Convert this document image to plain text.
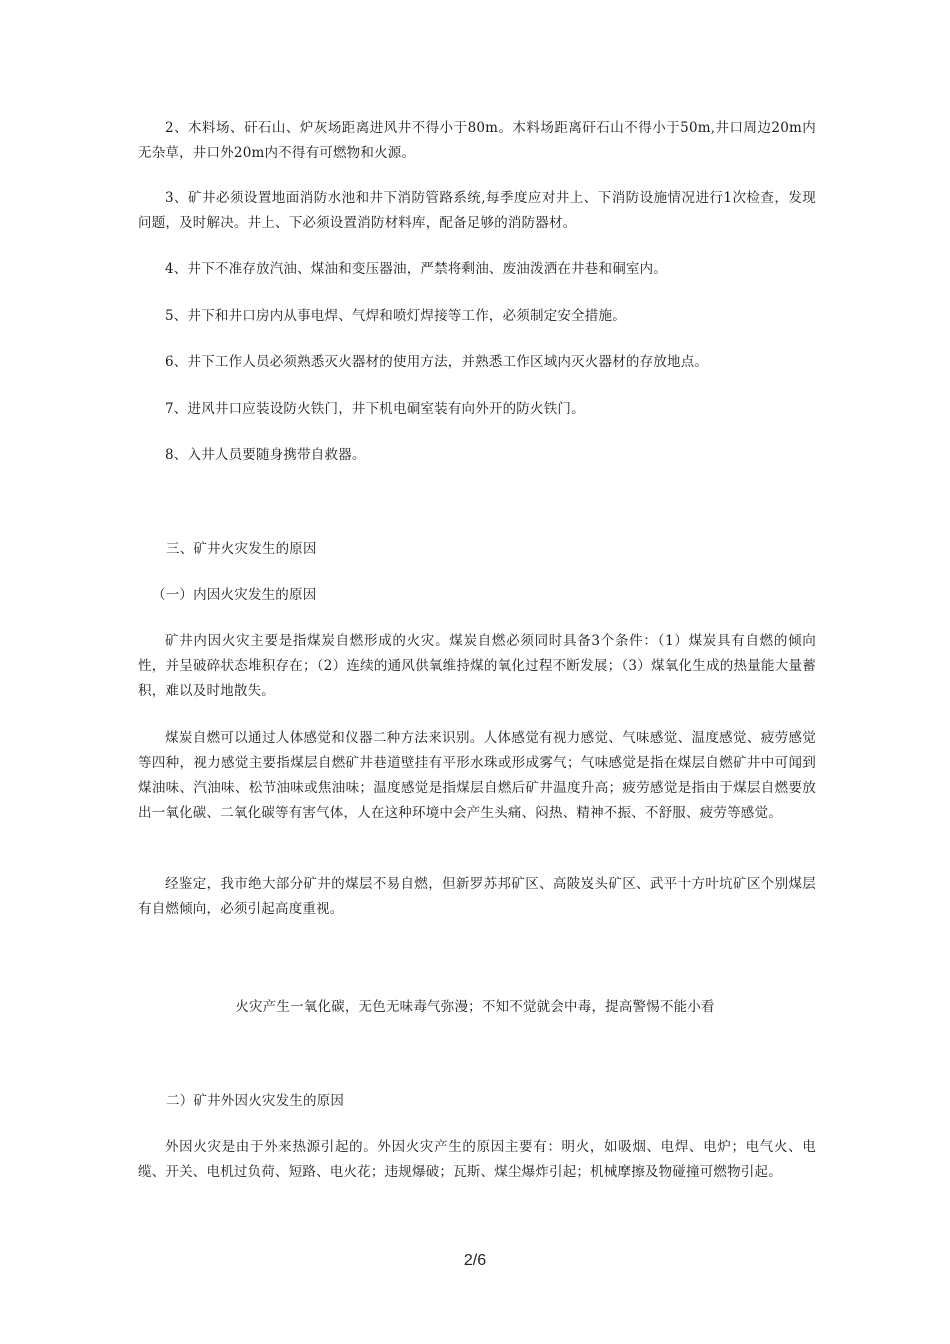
2、木料场、矸石山、炉灰场距离进风井不得小于80m。木料场距离矸石山不得小于50m,井口周边20m内无杂草，井口外20m内不得有可燃物和火源。

3、矿井必须设置地面消防水池和井下消防管路系统,每季度应对井上、下消防设施情况进行1次检查，发现问题，及时解决。井上、下必须设置消防材料库，配备足够的消防器材。

4、井下不准存放汽油、煤油和变压器油，严禁将剩油、废油泼洒在井巷和硐室内。

5、井下和井口房内从事电焊、气焊和喷灯焊接等工作，必须制定安全措施。

6、井下工作人员必须熟悉灭火器材的使用方法，并熟悉工作区域内灭火器材的存放地点。

7、进风井口应装设防火铁门，井下机电硐室装有向外开的防火铁门。

8、入井人员要随身携带自救器。

三、矿井火灾发生的原因

（一）内因火灾发生的原因

矿井内因火灾主要是指煤炭自燃形成的火灾。煤炭自燃必须同时具备3个条件：（1）煤炭具有自燃的倾向性，并呈破碎状态堆积存在；（2）连续的通风供氧维持煤的氧化过程不断发展；（3）煤氧化生成的热量能大量蓄积，难以及时地散失。

煤炭自燃可以通过人体感觉和仪器二种方法来识别。人体感觉有视力感觉、气味感觉、温度感觉、疲劳感觉等四种，视力感觉主要指煤层自燃矿井巷道壁挂有平形水珠或形成雾气；气味感觉是指在煤层自燃矿井中可闻到煤油味、汽油味、松节油味或焦油味；温度感觉是指煤层自燃后矿井温度升高；疲劳感觉是指由于煤层自燃要放出一氧化碳、二氧化碳等有害气体，人在这种环境中会产生头痛、闷热、精神不振、不舒服、疲劳等感觉。

经鉴定，我市绝大部分矿井的煤层不易自燃，但新罗苏邦矿区、高陂岌头矿区、武平十方叶坑矿区个别煤层有自燃倾向，必须引起高度重视。

火灾产生一氧化碳，无色无味毒气弥漫；不知不觉就会中毒，提高警惕不能小看

二）矿井外因火灾发生的原因

外因火灾是由于外来热源引起的。外因火灾产生的原因主要有：明火，如吸烟、电焊、电炉；电气火、电缆、开关、电机过负荷、短路、电火花；违规爆破；瓦斯、煤尘爆炸引起；机械摩擦及物碰撞可燃物引起。

2/6
